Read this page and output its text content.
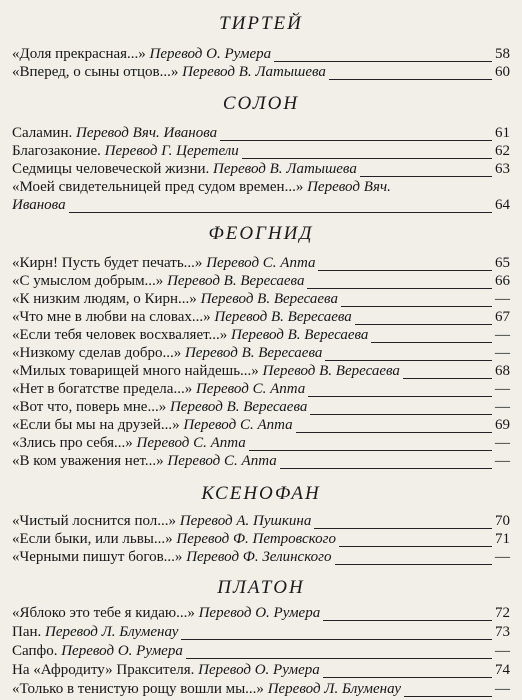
ТИРТЕЙ
«Доля прекрасная...» Перевод О. Румера	58
«Вперед, о сыны отцов...» Перевод В. Латышева	60
СОЛОН
Саламин. Перевод Вяч. Иванова	61
Благозаконие. Перевод Г. Церетели	62
Седмицы человеческой жизни. Перевод В. Латышева	63
«Моей свидетельницей пред судом времен...» Перевод Вяч.
Иванова	64
ФЕОГНИД
«Кирн! Пусть будет печать...» Перевод С. Апта	65
«С умыслом добрым...» Перевод В. Вересаева	66
«К низким людям, о Кирн...» Перевод В. Вересаева	—
«Что мне в любви на словах...» Перевод В. Вересаева	67
«Если тебя человек восхваляет...» Перевод В. Вересаева	—
«Низкому сделав добро...» Перевод В. Вересаева	—
«Милых товарищей много найдешь...» Перевод В. Вересаева	68
«Нет в богатстве предела...» Перевод С. Апта	—
«Вот что, поверь мне...» Перевод В. Вересаева	—
«Если бы мы на друзей...» Перевод С. Апта	69
«Злись про себя...» Перевод С. Апта	—
«В ком уважения нет...» Перевод С. Апта	—
КСЕНОФАН
«Чистый лоснится пол...» Перевод А. Пушкина	70
«Если быки, или львы...» Перевод Ф. Петровского	71
«Черными пишут богов...» Перевод Ф. Зелинского	—
ПЛАТОН
«Яблоко это тебе я кидаю...» Перевод О. Румера	72
Пан. Перевод Л. Блуменау	73
Сапфо. Перевод О. Румера	—
На «Афродиту» Праксителя. Перевод О. Румера	74
«Только в тенистую рощу вошли мы...» Перевод Л. Блуменау	—
